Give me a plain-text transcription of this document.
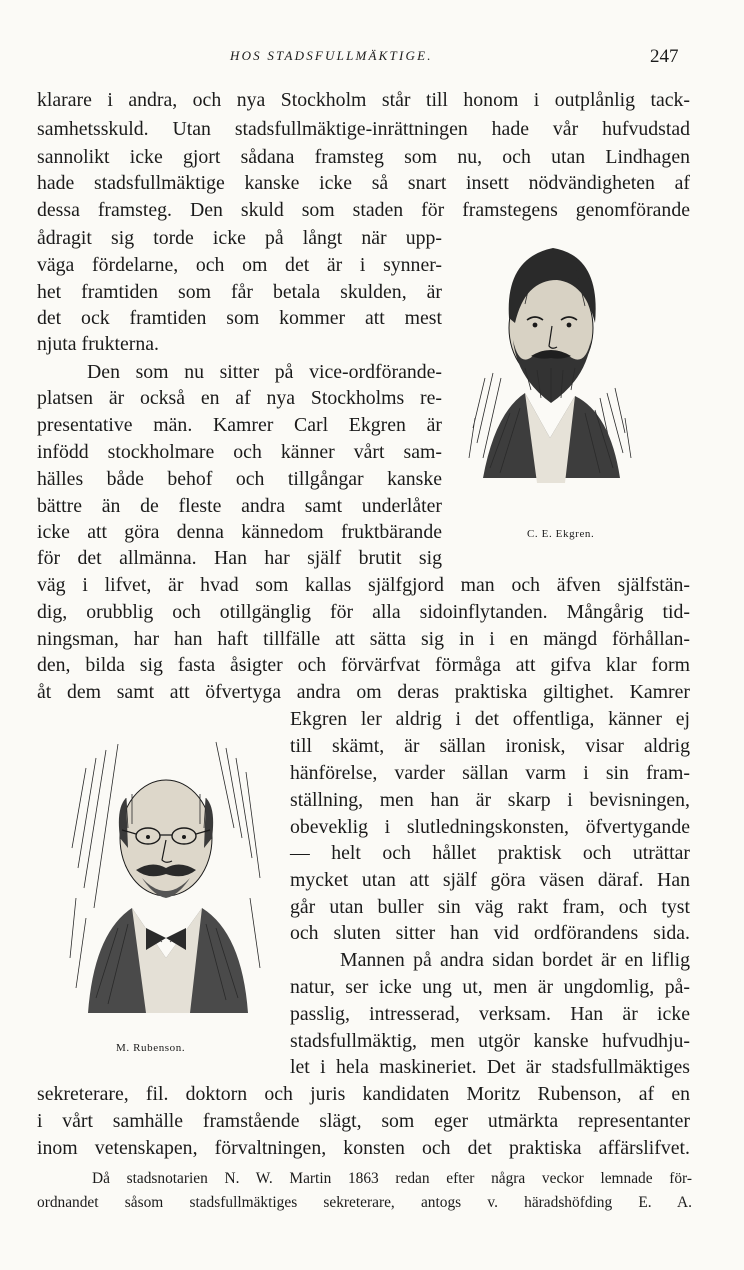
HOS STADSFULLMÄKTIGE.	247
klarare i andra, och nya Stockholm står till honom i outplånlig tack-
samhetsskuld. Utan stadsfullmäktige-inrättningen hade vår hufvudstad
sannolikt icke gjort sådana framsteg som nu, och utan Lindhagen
hade stadsfullmäktige kanske icke så snart insett nödvändigheten af
dessa framsteg. Den skuld som staden för framstegens genomförande
ådragit sig torde icke på långt när upp-
väga fördelarne, och om det är i synner-
het framtiden som får betala skulden, är
det ock framtiden som kommer att mest
njuta frukterna.
Den som nu sitter på vice-ordförande-
platsen är också en af nya Stockholms re-
presentative män. Kamrer Carl Ekgren är
infödd stockholmare och känner vårt sam-
hälles både behof och tillgångar kanske
bättre än de fleste andra samt underlåter
icke att göra denna kännedom fruktbärande
för det allmänna. Han har själf brutit sig
väg i lifvet, är hvad som kallas själfgjord man och äfven själfstän-
dig, orubblig och otillgänglig för alla sidoinflytanden. Mångårig tid-
ningsman, har han haft tillfälle att sätta sig in i en mängd förhållan-
den, bilda sig fasta åsigter och förvärfvat förmåga att gifva klar form
åt dem samt att öfvertyga andra om deras praktiska giltighet. Kamrer
Ekgren ler aldrig i det offentliga, känner ej
till skämt, är sällan ironisk, visar aldrig
hänförelse, varder sällan varm i sin fram-
ställning, men han är skarp i bevisningen,
obeveklig i slutledningskonsten, öfvertygande
— helt och hållet praktisk och uträttar
mycket utan att själf göra väsen däraf. Han
går utan buller sin väg rakt fram, och tyst
och sluten sitter han vid ordförandens sida.
Mannen på andra sidan bordet är en liflig
natur, ser icke ung ut, men är ungdomlig, på-
passlig, intresserad, verksam. Han är icke
stadsfullmäktig, men utgör kanske hufvudhju-
let i hela maskineriet. Det är stadsfullmäktiges
sekreterare, fil. doktorn och juris kandidaten Moritz Rubenson, af en
i vårt samhälle framstående slägt, som eger utmärkta representanter
inom vetenskapen, förvaltningen, konsten och det praktiska affärslifvet.
Då stadsnotarien N. W. Martin 1863 redan efter några veckor lemnade för-
ordnandet såsom stadsfullmäktiges sekreterare, antogs v. häradshöfding E. A.
C. E. Ekgren.
M. Rubenson.
